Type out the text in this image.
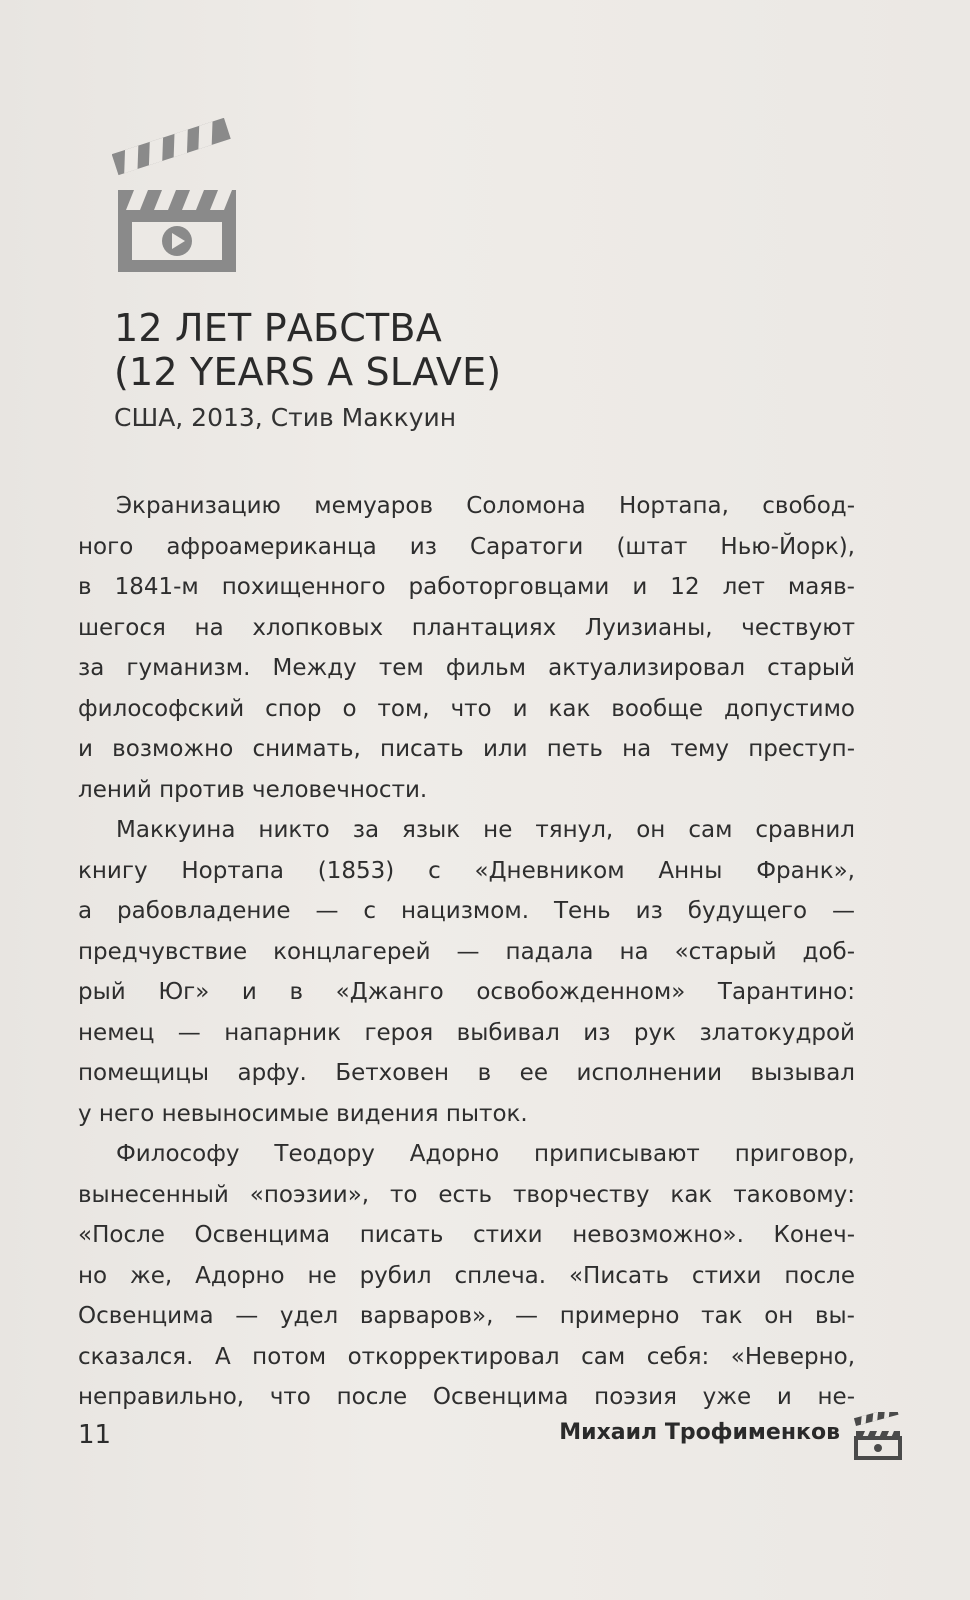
12 ЛЕТ РАБСТВА
(12 YEARS A SLAVE)
США, 2013, Стив Маккуин
Экранизацию мемуаров Соломона Нортапа, свобод-
ного афроамериканца из Саратоги (штат Нью-Йорк),
в 1841-м похищенного работорговцами и 12 лет маяв-
шегося на хлопковых плантациях Луизианы, чествуют
за гуманизм. Между тем фильм актуализировал старый
философский спор о том, что и как вообще допустимо
и возможно снимать, писать или петь на тему преступ-
лений против человечности.
Маккуина никто за язык не тянул, он сам сравнил
книгу Нортапа (1853) с «Дневником Анны Франк»,
а рабовладение — с нацизмом. Тень из будущего —
предчувствие концлагерей — падала на «старый доб-
рый Юг» и в «Джанго освобожденном» Тарантино:
немец — напарник героя выбивал из рук златокудрой
помещицы арфу. Бетховен в ее исполнении вызывал
у него невыносимые видения пыток.
Философу Теодору Адорно приписывают приговор,
вынесенный «поэзии», то есть творчеству как таковому:
«После Освенцима писать стихи невозможно». Конеч-
но же, Адорно не рубил сплеча. «Писать стихи после
Освенцима — удел варваров», — примерно так он вы-
сказался. А потом откорректировал сам себя: «Неверно,
неправильно, что после Освенцима поэзия уже и не-
11	Михаил Трофименков
